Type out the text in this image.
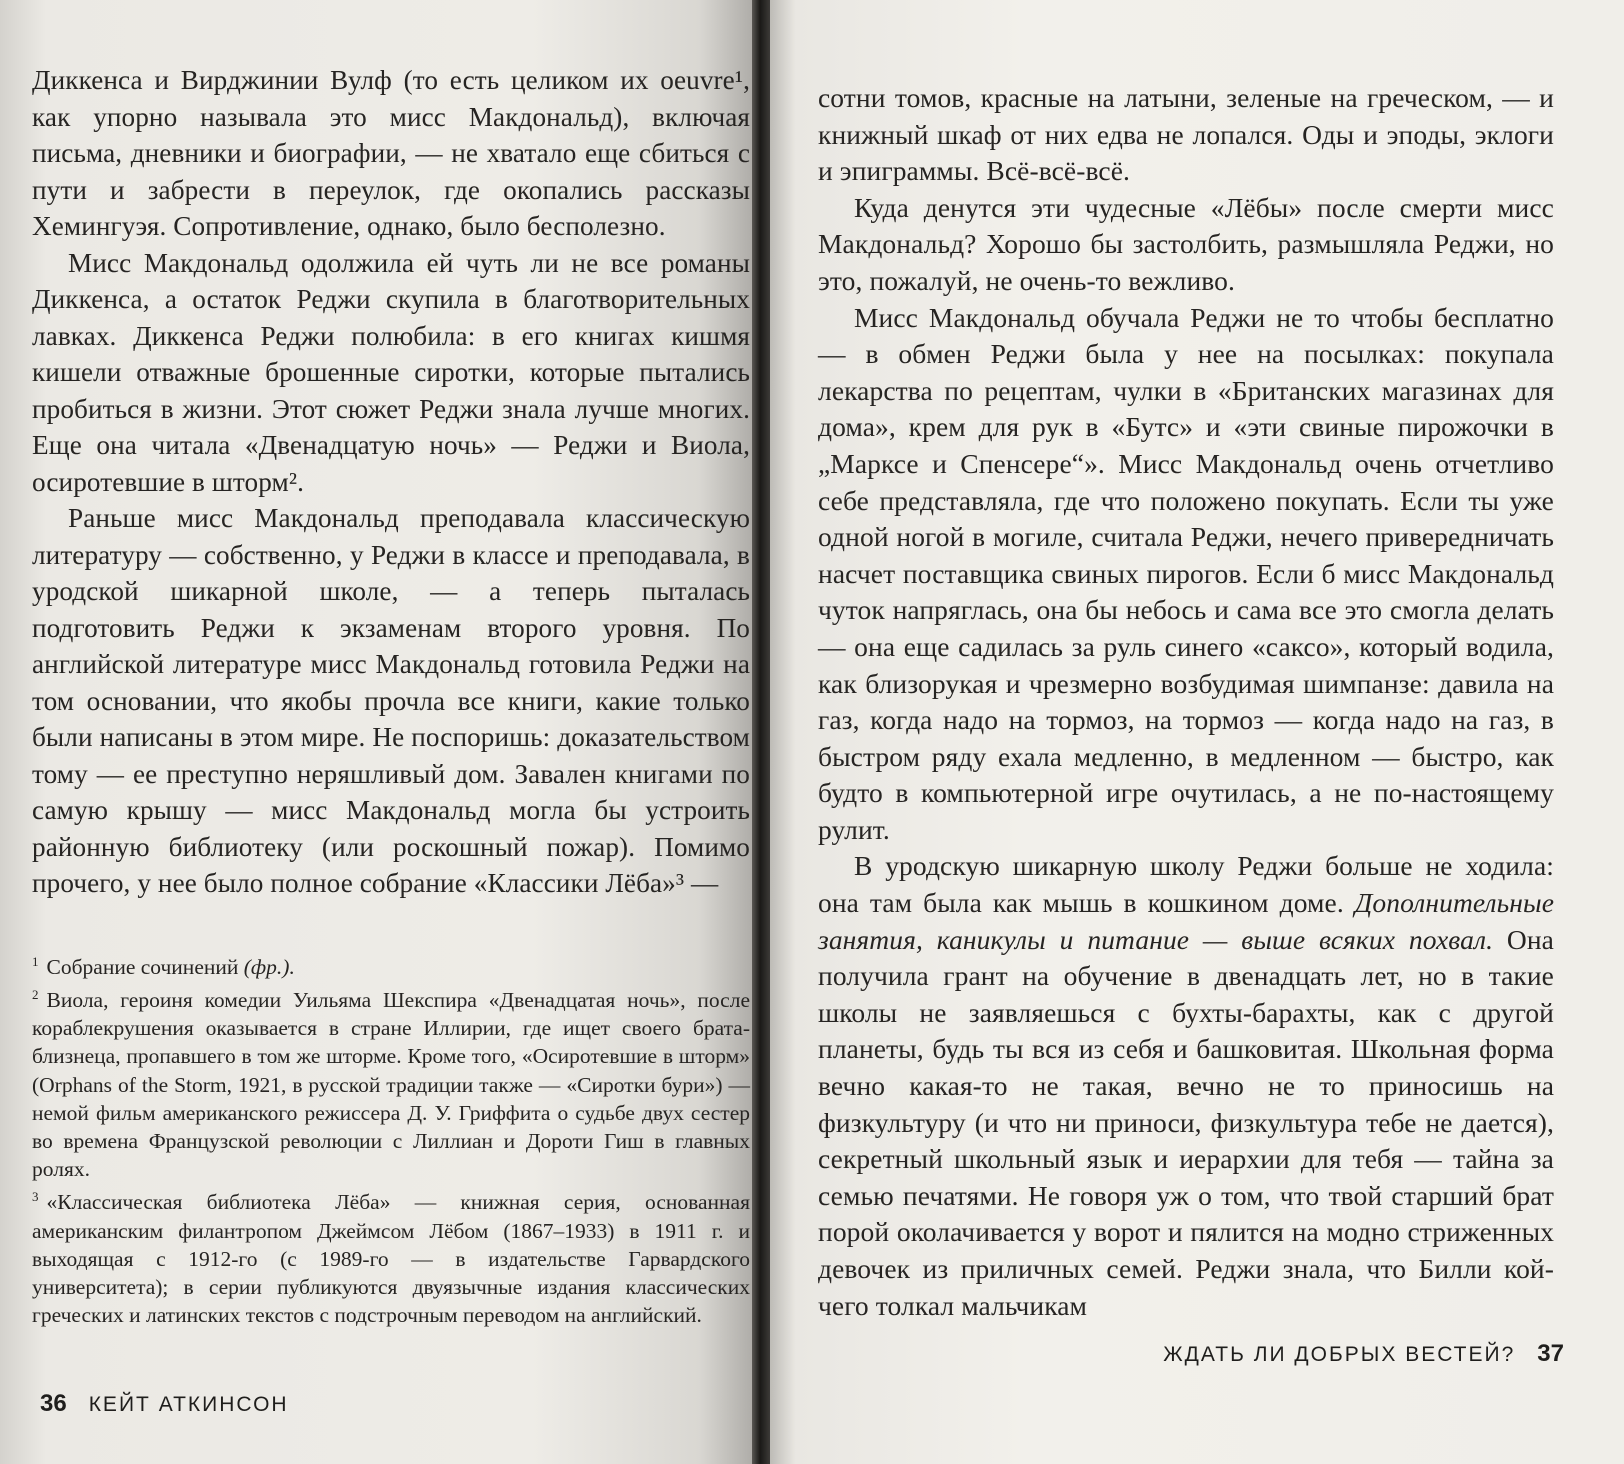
Диккенса и Вирджинии Вулф (то есть целиком их oeuvre¹, как упорно называла это мисс Макдональд), включая письма, дневники и биографии, — не хватало еще сбиться с пути и забрести в переулок, где окопались рассказы Хемингуэя. Сопротивление, однако, было бесполезно.

Мисс Макдональд одолжила ей чуть ли не все романы Диккенса, а остаток Реджи скупила в благотворительных лавках. Диккенса Реджи полюбила: в его книгах кишмя кишели отважные брошенные сиротки, которые пытались пробиться в жизни. Этот сюжет Реджи знала лучше многих. Еще она читала «Двенадцатую ночь» — Реджи и Виола, осиротевшие в шторм².

Раньше мисс Макдональд преподавала классическую литературу — собственно, у Реджи в классе и преподавала, в уродской шикарной школе, — а теперь пыталась подготовить Реджи к экзаменам второго уровня. По английской литературе мисс Макдональд готовила Реджи на том основании, что якобы прочла все книги, какие только были написаны в этом мире. Не поспоришь: доказательством тому — ее преступно неряшливый дом. Завален книгами по самую крышу — мисс Макдональд могла бы устроить районную библиотеку (или роскошный пожар). Помимо прочего, у нее было полное собрание «Классики Лёба»³ —

$^1$ Собрание сочинений (фр.).

$^2$ Виола, героиня комедии Уильяма Шекспира «Двенадцатая ночь», после кораблекрушения оказывается в стране Иллирии, где ищет своего брата-близнеца, пропавшего в том же шторме. Кроме того, «Осиротевшие в шторм» (Orphans of the Storm, 1921, в русской традиции также — «Сиротки бури») — немой фильм американского режиссера Д. У. Гриффита о судьбе двух сестер во времена Французской революции с Лиллиан и Дороти Гиш в главных ролях.

$^3$ «Классическая библиотека Лёба» — книжная серия, основанная американским филантропом Джеймсом Лёбом (1867–1933) в 1911 г. и выходящая с 1912-го (с 1989-го — в издательстве Гарвардского университета); в серии публикуются двуязычные издания классических греческих и латинских текстов с подстрочным переводом на английский.

36 КЕЙТ АТКИНСОН

сотни томов, красные на латыни, зеленые на греческом, — и книжный шкаф от них едва не лопался. Оды и эподы, эклоги и эпиграммы. Всё-всё-всё.

Куда денутся эти чудесные «Лёбы» после смерти мисс Макдональд? Хорошо бы застолбить, размышляла Реджи, но это, пожалуй, не очень-то вежливо.

Мисс Макдональд обучала Реджи не то чтобы бесплатно — в обмен Реджи была у нее на посылках: покупала лекарства по рецептам, чулки в «Британских магазинах для дома», крем для рук в «Бутс» и «эти свиные пирожочки в „Марксе и Спенсере“». Мисс Макдональд очень отчетливо себе представляла, где что положено покупать. Если ты уже одной ногой в могиле, считала Реджи, нечего привередничать насчет поставщика свиных пирогов. Если б мисс Макдональд чуток напряглась, она бы небось и сама все это смогла делать — она еще садилась за руль синего «саксо», который водила, как близорукая и чрезмерно возбудимая шимпанзе: давила на газ, когда надо на тормоз, на тормоз — когда надо на газ, в быстром ряду ехала медленно, в медленном — быстро, как будто в компьютерной игре очутилась, а не по-настоящему рулит.

В уродскую шикарную школу Реджи больше не ходила: она там была как мышь в кошкином доме. Дополнительные занятия, каникулы и питание — выше всяких похвал. Она получила грант на обучение в двенадцать лет, но в такие школы не заявляешься с бухты-барахты, как с другой планеты, будь ты вся из себя и башковитая. Школьная форма вечно какая-то не такая, вечно не то приносишь на физкультуру (и что ни приноси, физкультура тебе не дается), секретный школьный язык и иерархии для тебя — тайна за семью печатями. Не говоря уж о том, что твой старший брат порой околачивается у ворот и пялится на модно стриженных девочек из приличных семей. Реджи знала, что Билли кой-чего толкал мальчикам

ЖДАТЬ ЛИ ДОБРЫХ ВЕСТЕЙ? 37
